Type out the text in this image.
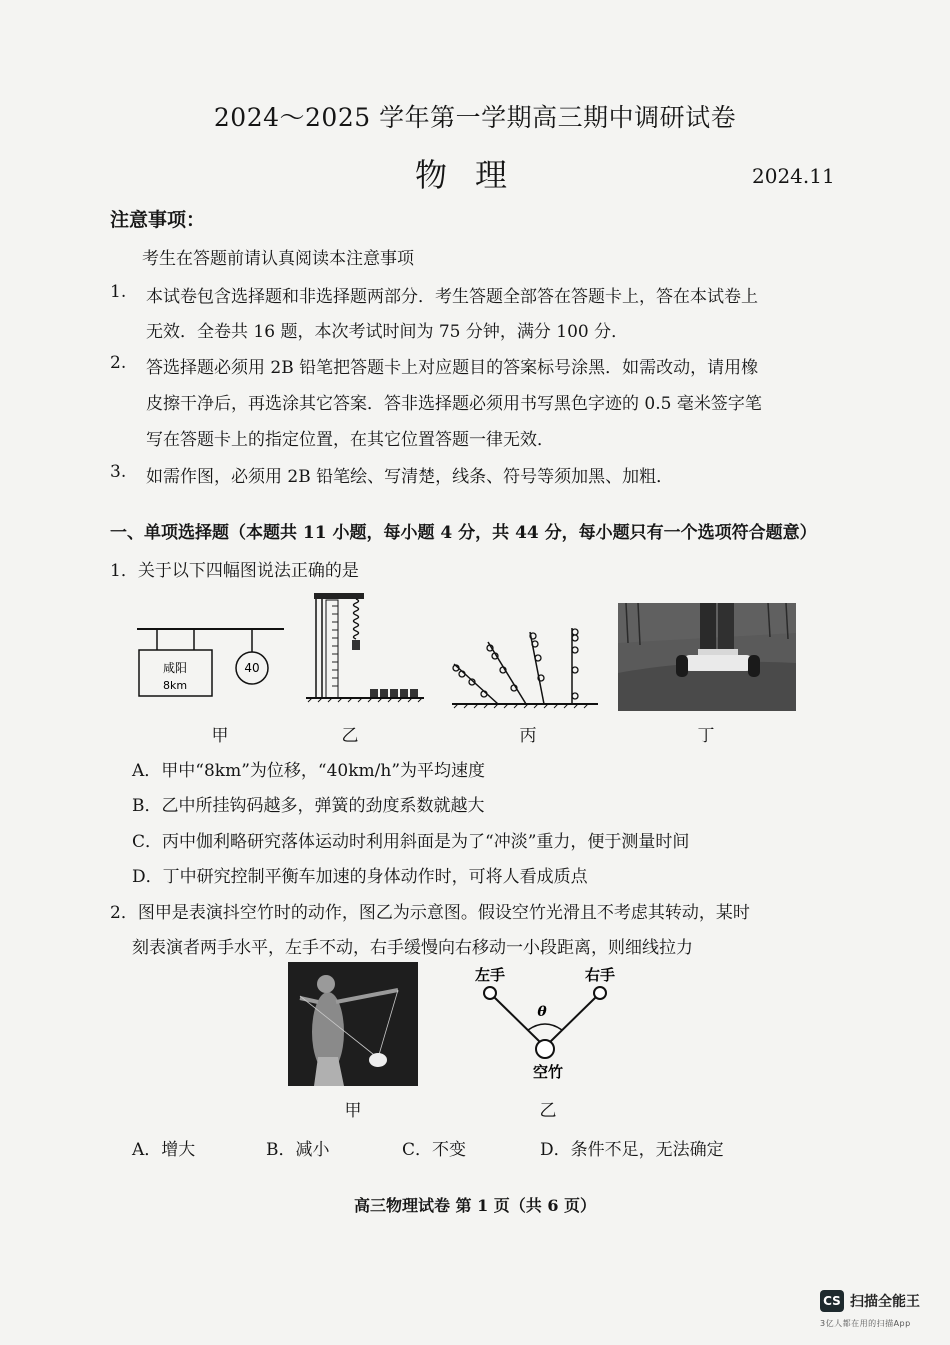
2024～2025 学年第一学期高三期中调研试卷
物理	2024.11
注意事项：
考生在答题前请认真阅读本注意事项
1. 本试卷包含选择题和非选择题两部分．考生答题全部答在答题卡上，答在本试卷上
无效．全卷共 16 题，本次考试时间为 75 分钟，满分 100 分．
2. 答选择题必须用 2B 铅笔把答题卡上对应题目的答案标号涂黑．如需改动，请用橡
皮擦干净后，再选涂其它答案．答非选择题必须用书写黑色字迹的 0.5 毫米签字笔
写在答题卡上的指定位置，在其它位置答题一律无效．
3. 如需作图，必须用 2B 铅笔绘、写清楚，线条、符号等须加黑、加粗．
一、单项选择题（本题共 11 小题，每小题 4 分，共 44 分，每小题只有一个选项符合题意）
1．关于以下四幅图说法正确的是
咸阳
8km
40
甲	乙	丙	丁
A．甲中“8km”为位移，“40km/h”为平均速度
B．乙中所挂钩码越多，弹簧的劲度系数就越大
C．丙中伽利略研究落体运动时利用斜面是为了“冲淡”重力，便于测量时间
D．丁中研究控制平衡车加速的身体动作时，可将人看成质点
2．图甲是表演抖空竹时的动作，图乙为示意图。假设空竹光滑且不考虑其转动，某时
刻表演者两手水平，左手不动，右手缓慢向右移动一小段距离，则细线拉力
左手	右手
θ
空竹
甲	乙
A．增大	B．减小	C．不变	D．条件不足，无法确定
高三物理试卷 第 1 页（共 6 页）
CS 扫描全能王
3亿人都在用的扫描App
